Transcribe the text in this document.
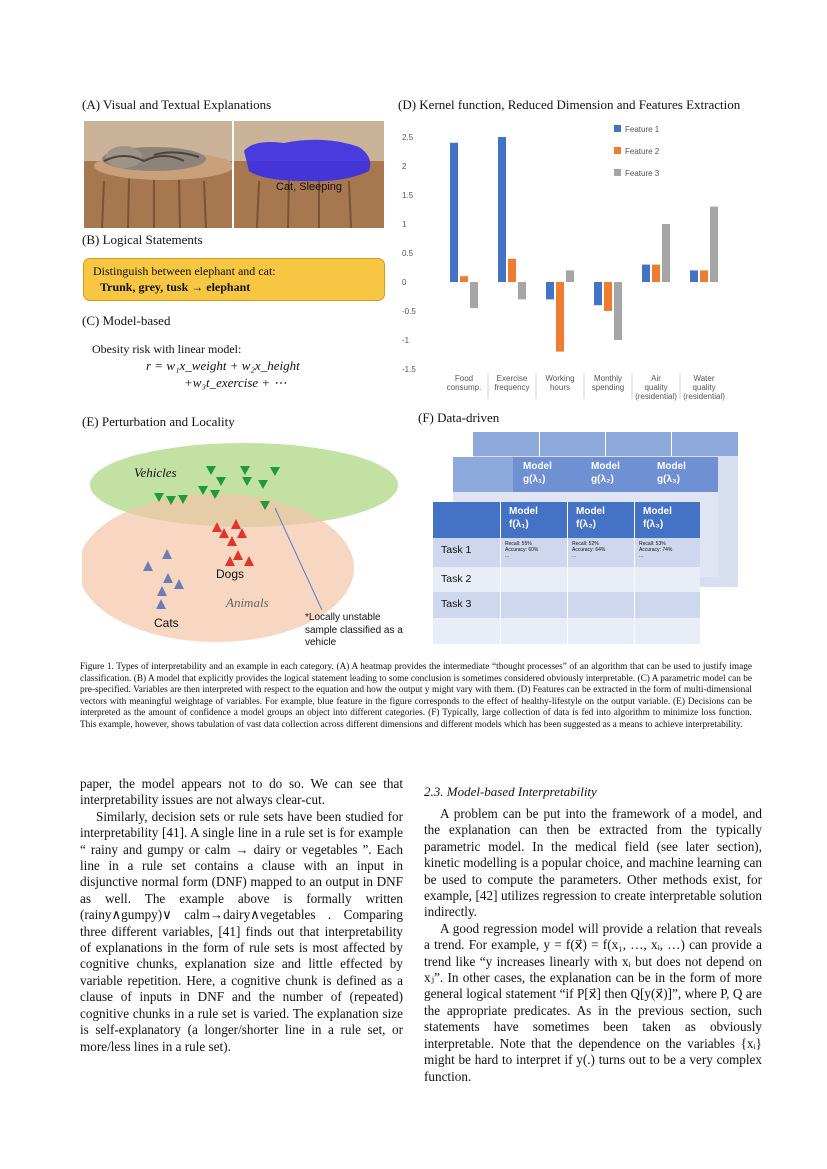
(A) Visual and Textual Explanations
Cat, Sleeping
(B) Logical Statements
Distinguish between elephant and cat:
Trunk, grey, tusk → elephant
(C) Model-based
Obesity risk with linear model:
r = w₁x_weight + w₂x_height
+w₃t_exercise + ⋯
(D) Kernel function, Reduced Dimension and Features Extraction
2.5
2
1.5
1
0.5
0
-0.5
-1
-1.5
Food consump.
Exercise frequency
Working hours
Monthly spending
Air quality (residential)
Water quality (residential)
Feature 1
Feature 2
Feature 3
(E) Perturbation and Locality
Vehicles
Dogs
Animals
Cats	*Locally unstable
sample classified as a
vehicle
(F) Data-driven
Model
g(λ₁)
Model
g(λ₂)
Model
g(λ₃)
Model
f(λ₁)
Model
f(λ₂)
Model
f(λ₃)
Task 1
Task 2
Task 3
Recall: 55%
Accuracy: 60%
...
Recall: 52%
Accuracy: 64%
...
Recall: 53%
Accuracy: 74%
...
Figure 1. Types of interpretability and an example in each category. (A) A heatmap provides the intermediate “thought processes” of an algorithm that can be used to justify image classification. (B) A model that explicitly provides the logical statement leading to some conclusion is sometimes considered obviously interpretable. (C) A parametric model can be pre-specified. Variables are then interpreted with respect to the equation and how the output y might vary with them. (D) Features can be extracted in the form of multi-dimensional vectors with meaningful weightage of variables. For example, blue feature in the figure corresponds to the effect of healthy-lifestyle on the output variable. (E) Decisions can be interpreted as the amount of confidence a model groups an object into different categories. (F) Typically, large collection of data is fed into algorithm to minimize loss function. This example, however, shows tabulation of vast data collection across different dimensions and different models which has been suggested as a means to achieve interpretability.

paper, the model appears not to do so. We can see that interpretability issues are not always clear-cut.

Similarly, decision sets or rule sets have been studied for interpretability [41]. A single line in a rule set is for example “ rainy and gumpy or calm → dairy or vegetables ”. Each line in a rule set contains a clause with an input in disjunctive normal form (DNF) mapped to an output in DNF as well. The example above is formally written (rainy∧gumpy)∨ calm→dairy∧vegetables . Comparing three different variables, [41] finds out that interpretability of explanations in the form of rule sets is most affected by cognitive chunks, explanation size and little effected by variable repetition. Here, a cognitive chunk is defined as a clause of inputs in DNF and the number of (repeated) cognitive chunks in a rule set is varied. The explanation size is self-explanatory (a longer/shorter line in a rule set, or more/less lines in a rule set).

2.3. Model-based Interpretability

A problem can be put into the framework of a model, and the explanation can then be extracted from the typically parametric model. In the medical field (see later section), kinetic modelling is a popular choice, and machine learning can be used to compute the parameters. Other methods exist, for example, [42] utilizes regression to create interpretable solution indirectly.

A good regression model will provide a relation that reveals a trend. For example, y = f(x⃗) = f(x₁, …, xᵢ, …) can provide a trend like “y increases linearly with xᵢ but does not depend on xⱼ”. In other cases, the explanation can be in the form of more general logical statement “if P[x⃗] then Q[y(x⃗)]”, where P, Q are the appropriate predicates. As in the previous section, such statements have sometimes been taken as obviously interpretable. Note that the dependence on the variables {xᵢ} might be hard to interpret if y(.) turns out to be a very complex function.
